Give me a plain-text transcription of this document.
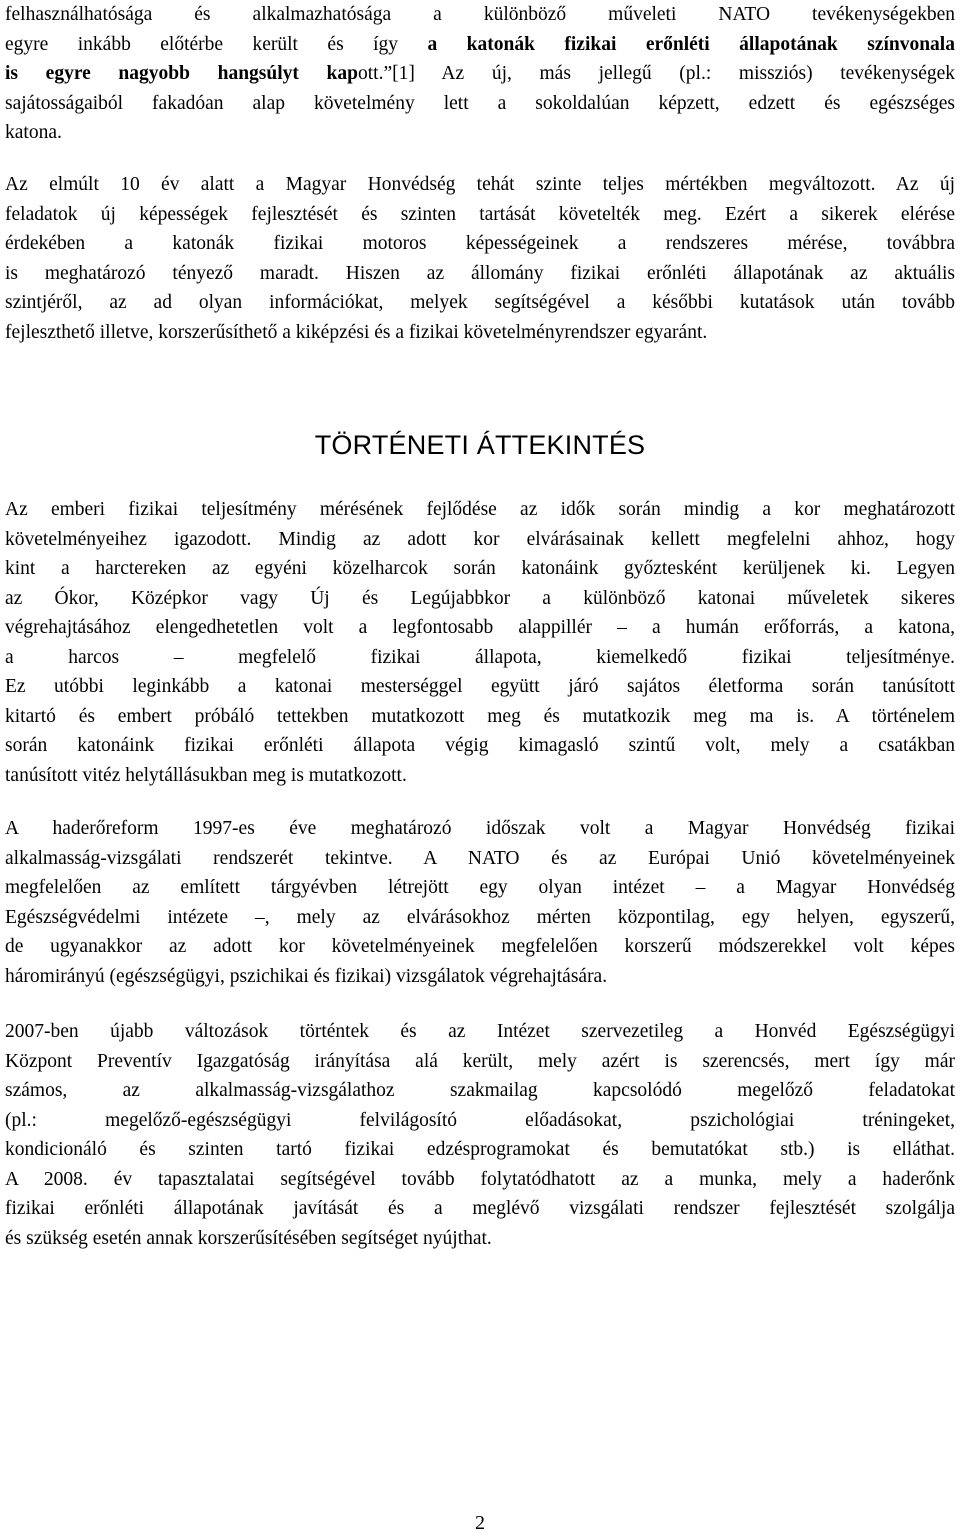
felhasználhatósága és alkalmazhatósága a különböző műveleti NATO tevékenységekben
egyre inkább előtérbe került és így a katonák fizikai erőnléti állapotának színvonala
is egyre nagyobb hangsúlyt kapott.”[1] Az új, más jellegű (pl.: missziós) tevékenységek
sajátosságaiból fakadóan alap követelmény lett a sokoldalúan képzett, edzett és egészséges
katona.
Az elmúlt 10 év alatt a Magyar Honvédség tehát szinte teljes mértékben megváltozott. Az új
feladatok új képességek fejlesztését és szinten tartását követelték meg. Ezért a sikerek elérése
érdekében a katonák fizikai motoros képességeinek a rendszeres mérése, továbbra
is meghatározó tényező maradt. Hiszen az állomány fizikai erőnléti állapotának az aktuális
szintjéről, az ad olyan információkat, melyek segítségével a későbbi kutatások után tovább
fejleszthető illetve, korszerűsíthető a kiképzési és a fizikai követelményrendszer egyaránt.
TÖRTÉNETI ÁTTEKINTÉS
Az emberi fizikai teljesítmény mérésének fejlődése az idők során mindig a kor meghatározott
követelményeihez igazodott. Mindig az adott kor elvárásainak kellett megfelelni ahhoz, hogy
kint a harctereken az egyéni közelharcok során katonáink győztesként kerüljenek ki. Legyen
az Ókor, Középkor vagy Új és Legújabbkor a különböző katonai műveletek sikeres
végrehajtásához elengedhetetlen volt a legfontosabb alappillér – a humán erőforrás, a katona,
a harcos – megfelelő fizikai állapota, kiemelkedő fizikai teljesítménye.
Ez utóbbi leginkább a katonai mesterséggel együtt járó sajátos életforma során tanúsított
kitartó és embert próbáló tettekben mutatkozott meg és mutatkozik meg ma is. A történelem
során katonáink fizikai erőnléti állapota végig kimagasló szintű volt, mely a csatákban
tanúsított vitéz helytállásukban meg is mutatkozott.
A haderőreform 1997-es éve meghatározó időszak volt a Magyar Honvédség fizikai
alkalmasság-vizsgálati rendszerét tekintve. A NATO és az Európai Unió követelményeinek
megfelelően az említett tárgyévben létrejött egy olyan intézet – a Magyar Honvédség
Egészségvédelmi intézete –, mely az elvárásokhoz mérten központilag, egy helyen, egyszerű,
de ugyanakkor az adott kor követelményeinek megfelelően korszerű módszerekkel volt képes
háromirányú (egészségügyi, pszichikai és fizikai) vizsgálatok végrehajtására.
2007-ben újabb változások történtek és az Intézet szervezetileg a Honvéd Egészségügyi
Központ Preventív Igazgatóság irányítása alá került, mely azért is szerencsés, mert így már
számos, az alkalmasság-vizsgálathoz szakmailag kapcsolódó megelőző feladatokat
(pl.: megelőző-egészségügyi felvilágosító előadásokat, pszichológiai tréningeket,
kondicionáló és szinten tartó fizikai edzésprogramokat és bemutatókat stb.) is elláthat.
A 2008. év tapasztalatai segítségével tovább folytatódhatott az a munka, mely a haderőnk
fizikai erőnléti állapotának javítását és a meglévő vizsgálati rendszer fejlesztését szolgálja
és szükség esetén annak korszerűsítésében segítséget nyújthat.
2
